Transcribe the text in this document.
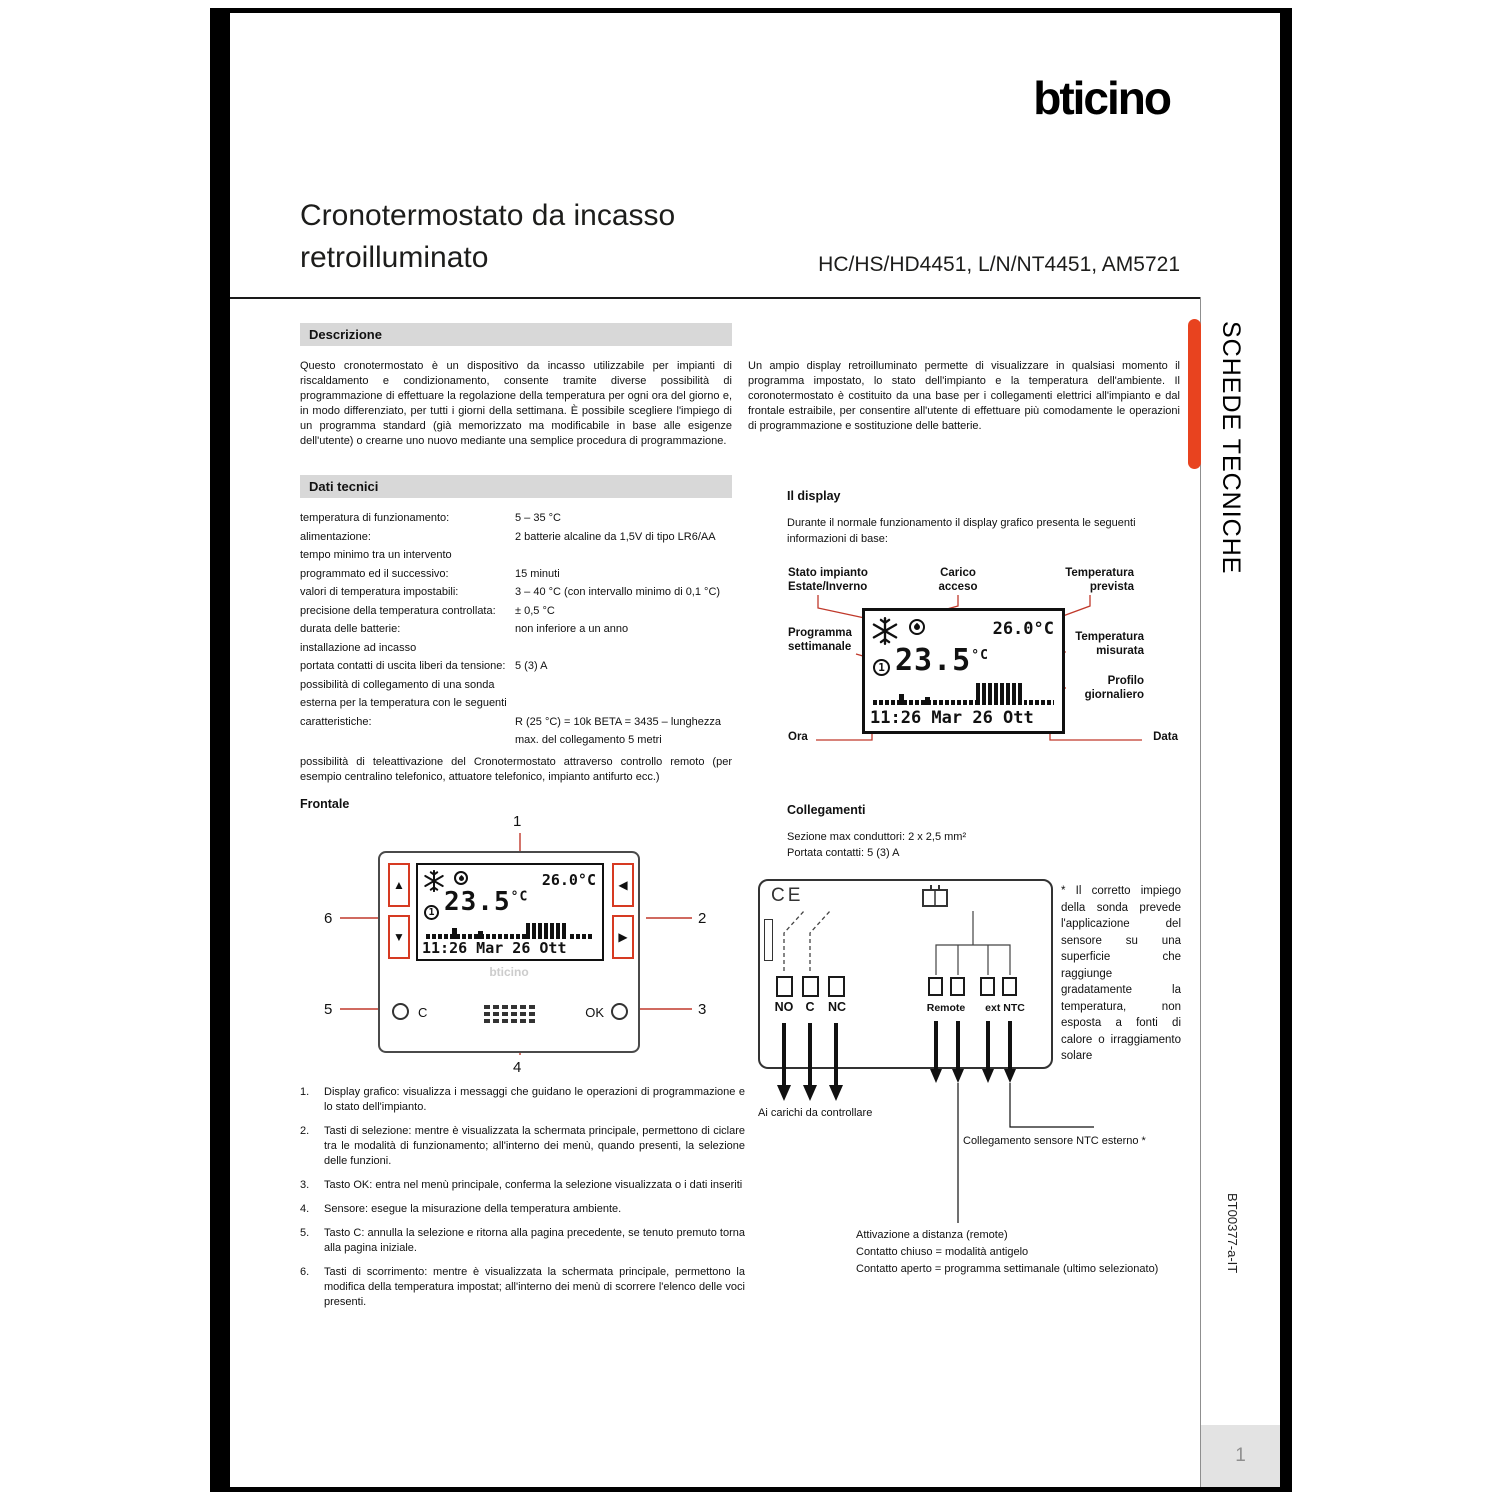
bticino
Cronotermostato da incasso
retroilluminato	HC/HS/HD4451, L/N/NT4451, AM5721
SCHEDE TECNICHE
BT00377-a-IT
1
Descrizione
Questo cronotermostato è un dispositivo da incasso utilizzabile per impianti di riscaldamento e condizionamento, consente tramite diverse possibilità di programmazione di effettuare la regolazione della temperatura per ogni ora del giorno e, in modo differenziato, per tutti i giorni della settimana. È possibile scegliere l'impiego di un programma standard (già memorizzato ma modificabile in base alle esigenze dell'utente) o crearne uno nuovo mediante una semplice procedura di programmazione.
Un ampio display retroilluminato permette di visualizzare in qualsiasi momento il programma impostato, lo stato dell'impianto e la temperatura dell'ambiente. Il coronotermostato è costituito da una base per i collegamenti elettrici all'impianto e dal frontale estraibile, per consentire all'utente di effettuare più comodamente le operazioni di programmazione e sostituzione delle batterie.
Dati tecnici
temperatura di funzionamento:	5 – 35 °C
alimentazione:	2 batterie alcaline da 1,5V di tipo LR6/AA
tempo minimo tra un intervento
programmato ed il successivo:	15 minuti
valori di temperatura impostabili:	3 – 40 °C (con intervallo minimo di 0,1 °C)
precisione della temperatura controllata:	± 0,5 °C
durata delle batterie:	non inferiore a un anno
installazione ad incasso
portata contatti di uscita liberi da tensione: 5 (3) A
possibilità di collegamento di una sonda
esterna per la temperatura con le seguenti
caratteristiche:	R (25 °C) = 10k BETA = 3435 – lunghezza
max. del collegamento 5 metri
possibilità di teleattivazione del Cronotermostato attraverso controllo remoto (per esempio centralino telefonico, attuatore telefonico, impianto antifurto ecc.)
Il display
Durante il normale funzionamento il display grafico presenta le seguenti informazioni di base:
Stato impianto
Estate/Inverno
Carico
acceso
Temperatura
prevista
Programma
settimanale
Temperatura
misurata
Profilo
giornaliero
Ora	Data
26.0°C
1 $23.5^{^\circ C}$
11:26 Mar 26 Ott
Frontale
1
2
3
4
5
6
▲
▼
◀
▶
26.0°C
1 $23.5^{^\circ C}$
11:26 Mar 26 Ott
bticino
C	OK
1.	Display grafico: visualizza i messaggi che guidano le operazioni di programmazione e lo stato dell'impianto.
2.	Tasti di selezione: mentre è visualizzata la schermata principale, permettono di ciclare tra le modalità di funzionamento; all'interno dei menù, quando presenti, la selezione delle funzioni.
3.	Tasto OK: entra nel menù principale, conferma la selezione visualizzata o i dati inseriti
4.	Sensore: esegue la misurazione della temperatura ambiente.
5.	Tasto C: annulla la selezione e ritorna alla pagina precedente, se tenuto premuto torna alla pagina iniziale.
6.	Tasti di scorrimento: mentre è visualizzata la schermata principale, permettono la modifica della temperatura impostat; all'interno dei menù di scorrere l'elenco delle voci presenti.
Collegamenti
Sezione max conduttori: 2 x 2,5 mm²
Portata contatti: 5 (3) A
CE
NO C	NC	Remote	ext NTC
Ai carichi da controllare
Collegamento sensore NTC esterno *
Attivazione a distanza (remote)
Contatto chiuso = modalità antigelo
Contatto aperto = programma settimanale (ultimo selezionato)
* Il corretto impiego della sonda prevede l'applicazione del sensore su una superficie che raggiunge gradatamente la temperatura, non esposta a fonti di calore o irraggiamento solare
